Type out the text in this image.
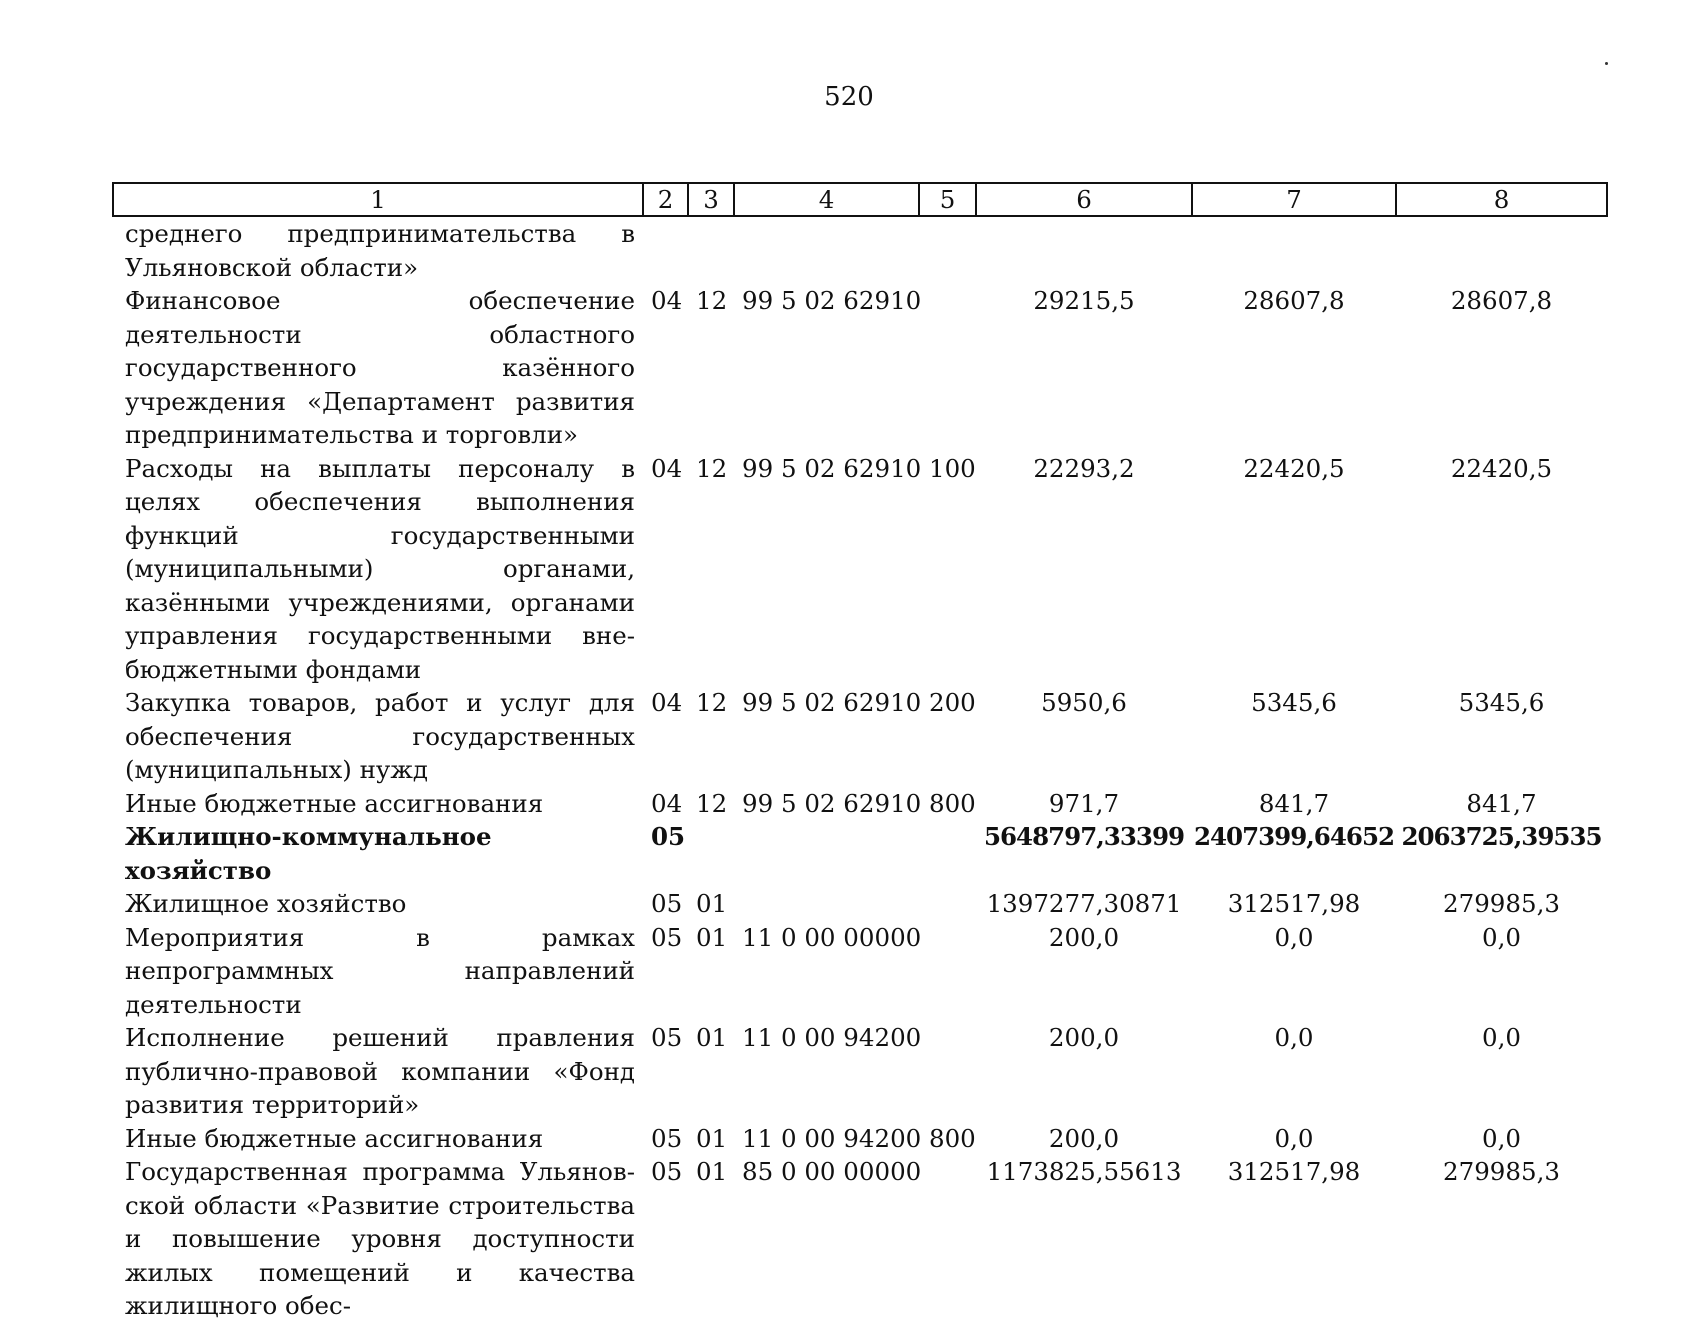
520
1	2	3	4	5	6	7	8
среднего предпринимательства в Ульяновской области»							
Финансовое обеспечение деятельности областного государственного казённого учреждения «Департамент развития предпринимательства и торговли»	04	12	99 5 02 62910		29215,5	28607,8	28607,8
Расходы на выплаты персоналу в целях обеспечения выполнения функций государственными (муниципальными) органами, казёнными учреждениями, органами управления государственными внебюджетными фондами	04	12	99 5 02 62910	100	22293,2	22420,5	22420,5
Закупка товаров, работ и услуг для обеспечения государственных (муниципальных) нужд	04	12	99 5 02 62910	200	5950,6	5345,6	5345,6
Иные бюджетные ассигнования	04	12	99 5 02 62910	800	971,7	841,7	841,7
Жилищно-коммунальное хозяйство	05				5648797,33399	2407399,64652	2063725,39535
Жилищное хозяйство	05	01			1397277,30871	312517,98	279985,3
Мероприятия в рамках непрограммных направлений деятельности	05	01	11 0 00 00000		200,0	0,0	0,0
Исполнение решений правления публично-правовой компании «Фонд развития территорий»	05	01	11 0 00 94200		200,0	0,0	0,0
Иные бюджетные ассигнования	05	01	11 0 00 94200	800	200,0	0,0	0,0
Государственная программа Ульяновской области «Развитие строительства и повышение уровня доступности жилых помещений и качества жилищного обес-	05	01	85 0 00 00000		1173825,55613	312517,98	279985,3
